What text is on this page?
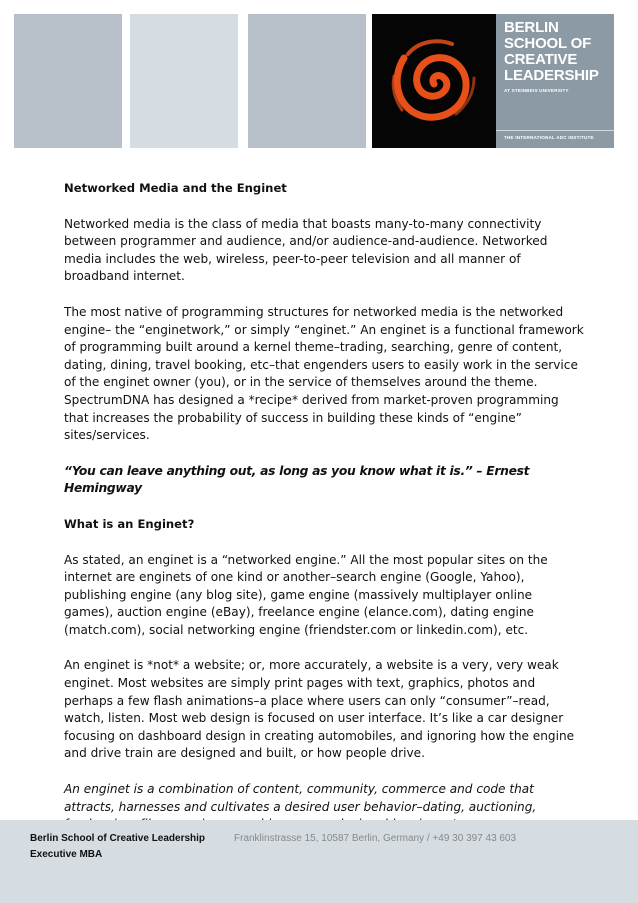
BERLIN
SCHOOL OF
CREATIVE
LEADERSHIP
AT STEINBEIS UNIVERSITY
THE INTERNATIONAL ADC INSTITUTE

Networked Media and the Enginet

Networked media is the class of media that boasts many-to-many connectivity between programmer and audience, and/or audience-and-audience. Networked media includes the web, wireless, peer-to-peer television and all manner of broadband internet.

The most native of programming structures for networked media is the networked engine– the “enginetwork,” or simply “enginet.” An enginet is a functional framework of programming built around a kernel theme–trading, searching, genre of content, dating, dining, travel booking, etc–that engenders users to easily work in the service of the enginet owner (you), or in the service of themselves around the theme. SpectrumDNA has designed a *recipe* derived from market-proven programming that increases the probability of success in building these kinds of “engine” sites/services.

“You can leave anything out, as long as you know what it is.” – Ernest Hemingway

What is an Enginet?

As stated, an enginet is a “networked engine.” All the most popular sites on the internet are enginets of one kind or another–search engine (Google, Yahoo), publishing engine (any blog site), game engine (massively multiplayer online games), auction engine (eBay), freelance engine (elance.com), dating engine (match.com), social networking engine (friendster.com or linkedin.com), etc.

An enginet is *not* a website; or, more accurately, a website is a very, very weak enginet. Most websites are simply print pages with text, graphics, photos and perhaps a few flash animations–a place where users can only “consumer”–read, watch, listen. Most web design is focused on user interface. It’s like a car designer focusing on dashboard design in creating automobiles, and ignoring how the engine and drive train are designed and built, or how people drive.

An enginet is a combination of content, community, commerce and code that attracts, harnesses and cultivates a desired user behavior–dating, auctioning,

Berlin School of Creative Leadership
Executive MBA
Franklinstrasse 15, 10587 Berlin, Germany / +49 30 397 43 603
